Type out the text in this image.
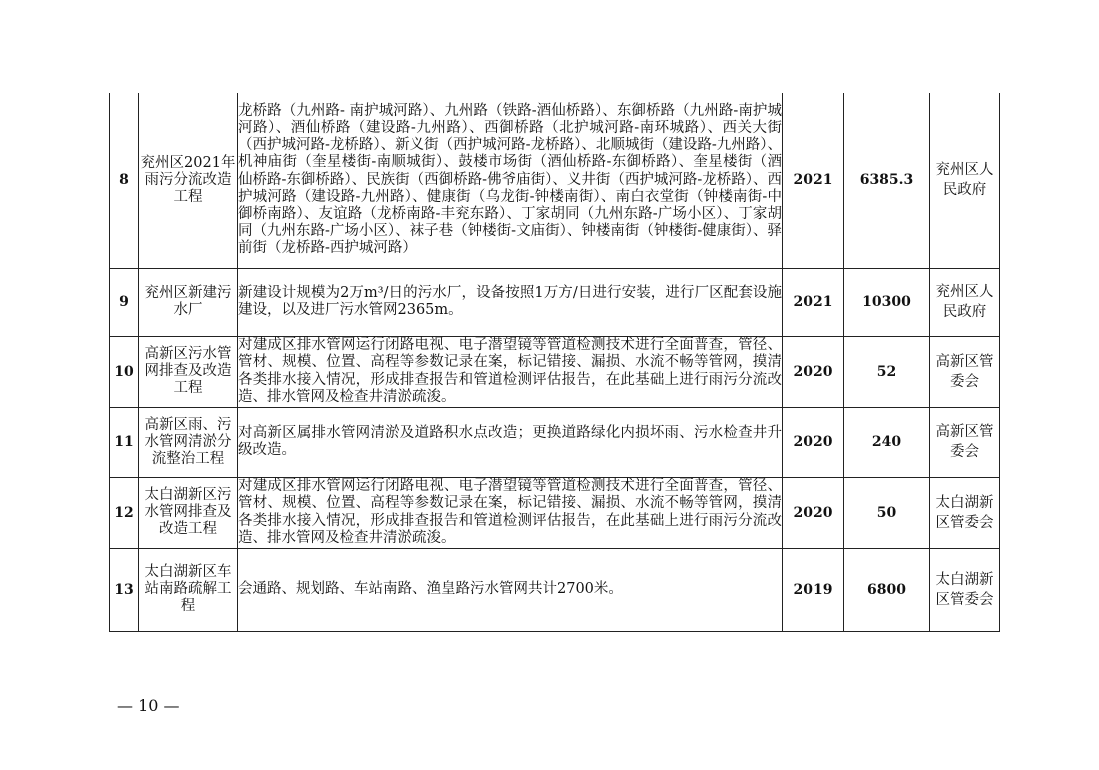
8	兖州区2021年雨污分流改造工程	龙桥路（九州路- 南护城河路）、九州路（铁路-酒仙桥路）、东御桥路（九州路-南护城河路）、酒仙桥路（建设路-九州路）、西御桥路（北护城河路-南环城路）、西关大街（西护城河路-龙桥路）、新义街（西护城河路-龙桥路）、北顺城街（建设路-九州路）、机神庙街（奎星楼街-南顺城街）、鼓楼市场街（酒仙桥路-东御桥路）、奎星楼街（酒仙桥路-东御桥路）、民族街（西御桥路-佛爷庙街）、义井街（西护城河路-龙桥路）、西护城河路（建设路-九州路）、健康街（乌龙街-钟楼南街）、南白衣堂街（钟楼南街-中御桥南路）、友谊路（龙桥南路-丰兖东路）、丁家胡同（九州东路-广场小区）、丁家胡同（九州东路-广场小区）、袜子巷（钟楼街-文庙街）、钟楼南街（钟楼街-健康街）、驿前街（龙桥路-西护城河路）	2021	6385.3	兖州区人民政府
9	兖州区新建污水厂	新建设计规模为2万m³/日的污水厂，设备按照1万方/日进行安装，进行厂区配套设施建设，以及进厂污水管网2365m。	2021	10300	兖州区人民政府
10	高新区污水管网排查及改造工程	对建成区排水管网运行闭路电视、电子潜望镜等管道检测技术进行全面普查，管径、管材、规模、位置、高程等参数记录在案，标记错接、漏损、水流不畅等管网，摸清各类排水接入情况，形成排查报告和管道检测评估报告，在此基础上进行雨污分流改造、排水管网及检查井清淤疏浚。	2020	52	高新区管委会
11	高新区雨、污水管网清淤分流整治工程	对高新区属排水管网清淤及道路积水点改造；更换道路绿化内损坏雨、污水检查井升级改造。	2020	240	高新区管委会
12	太白湖新区污水管网排查及改造工程	对建成区排水管网运行闭路电视、电子潜望镜等管道检测技术进行全面普查，管径、管材、规模、位置、高程等参数记录在案，标记错接、漏损、水流不畅等管网，摸清各类排水接入情况，形成排查报告和管道检测评估报告，在此基础上进行雨污分流改造、排水管网及检查井清淤疏浚。	2020	50	太白湖新区管委会
13	太白湖新区车站南路疏解工程	会通路、规划路、车站南路、渔皇路污水管网共计2700米。	2019	6800	太白湖新区管委会
— 10 —
